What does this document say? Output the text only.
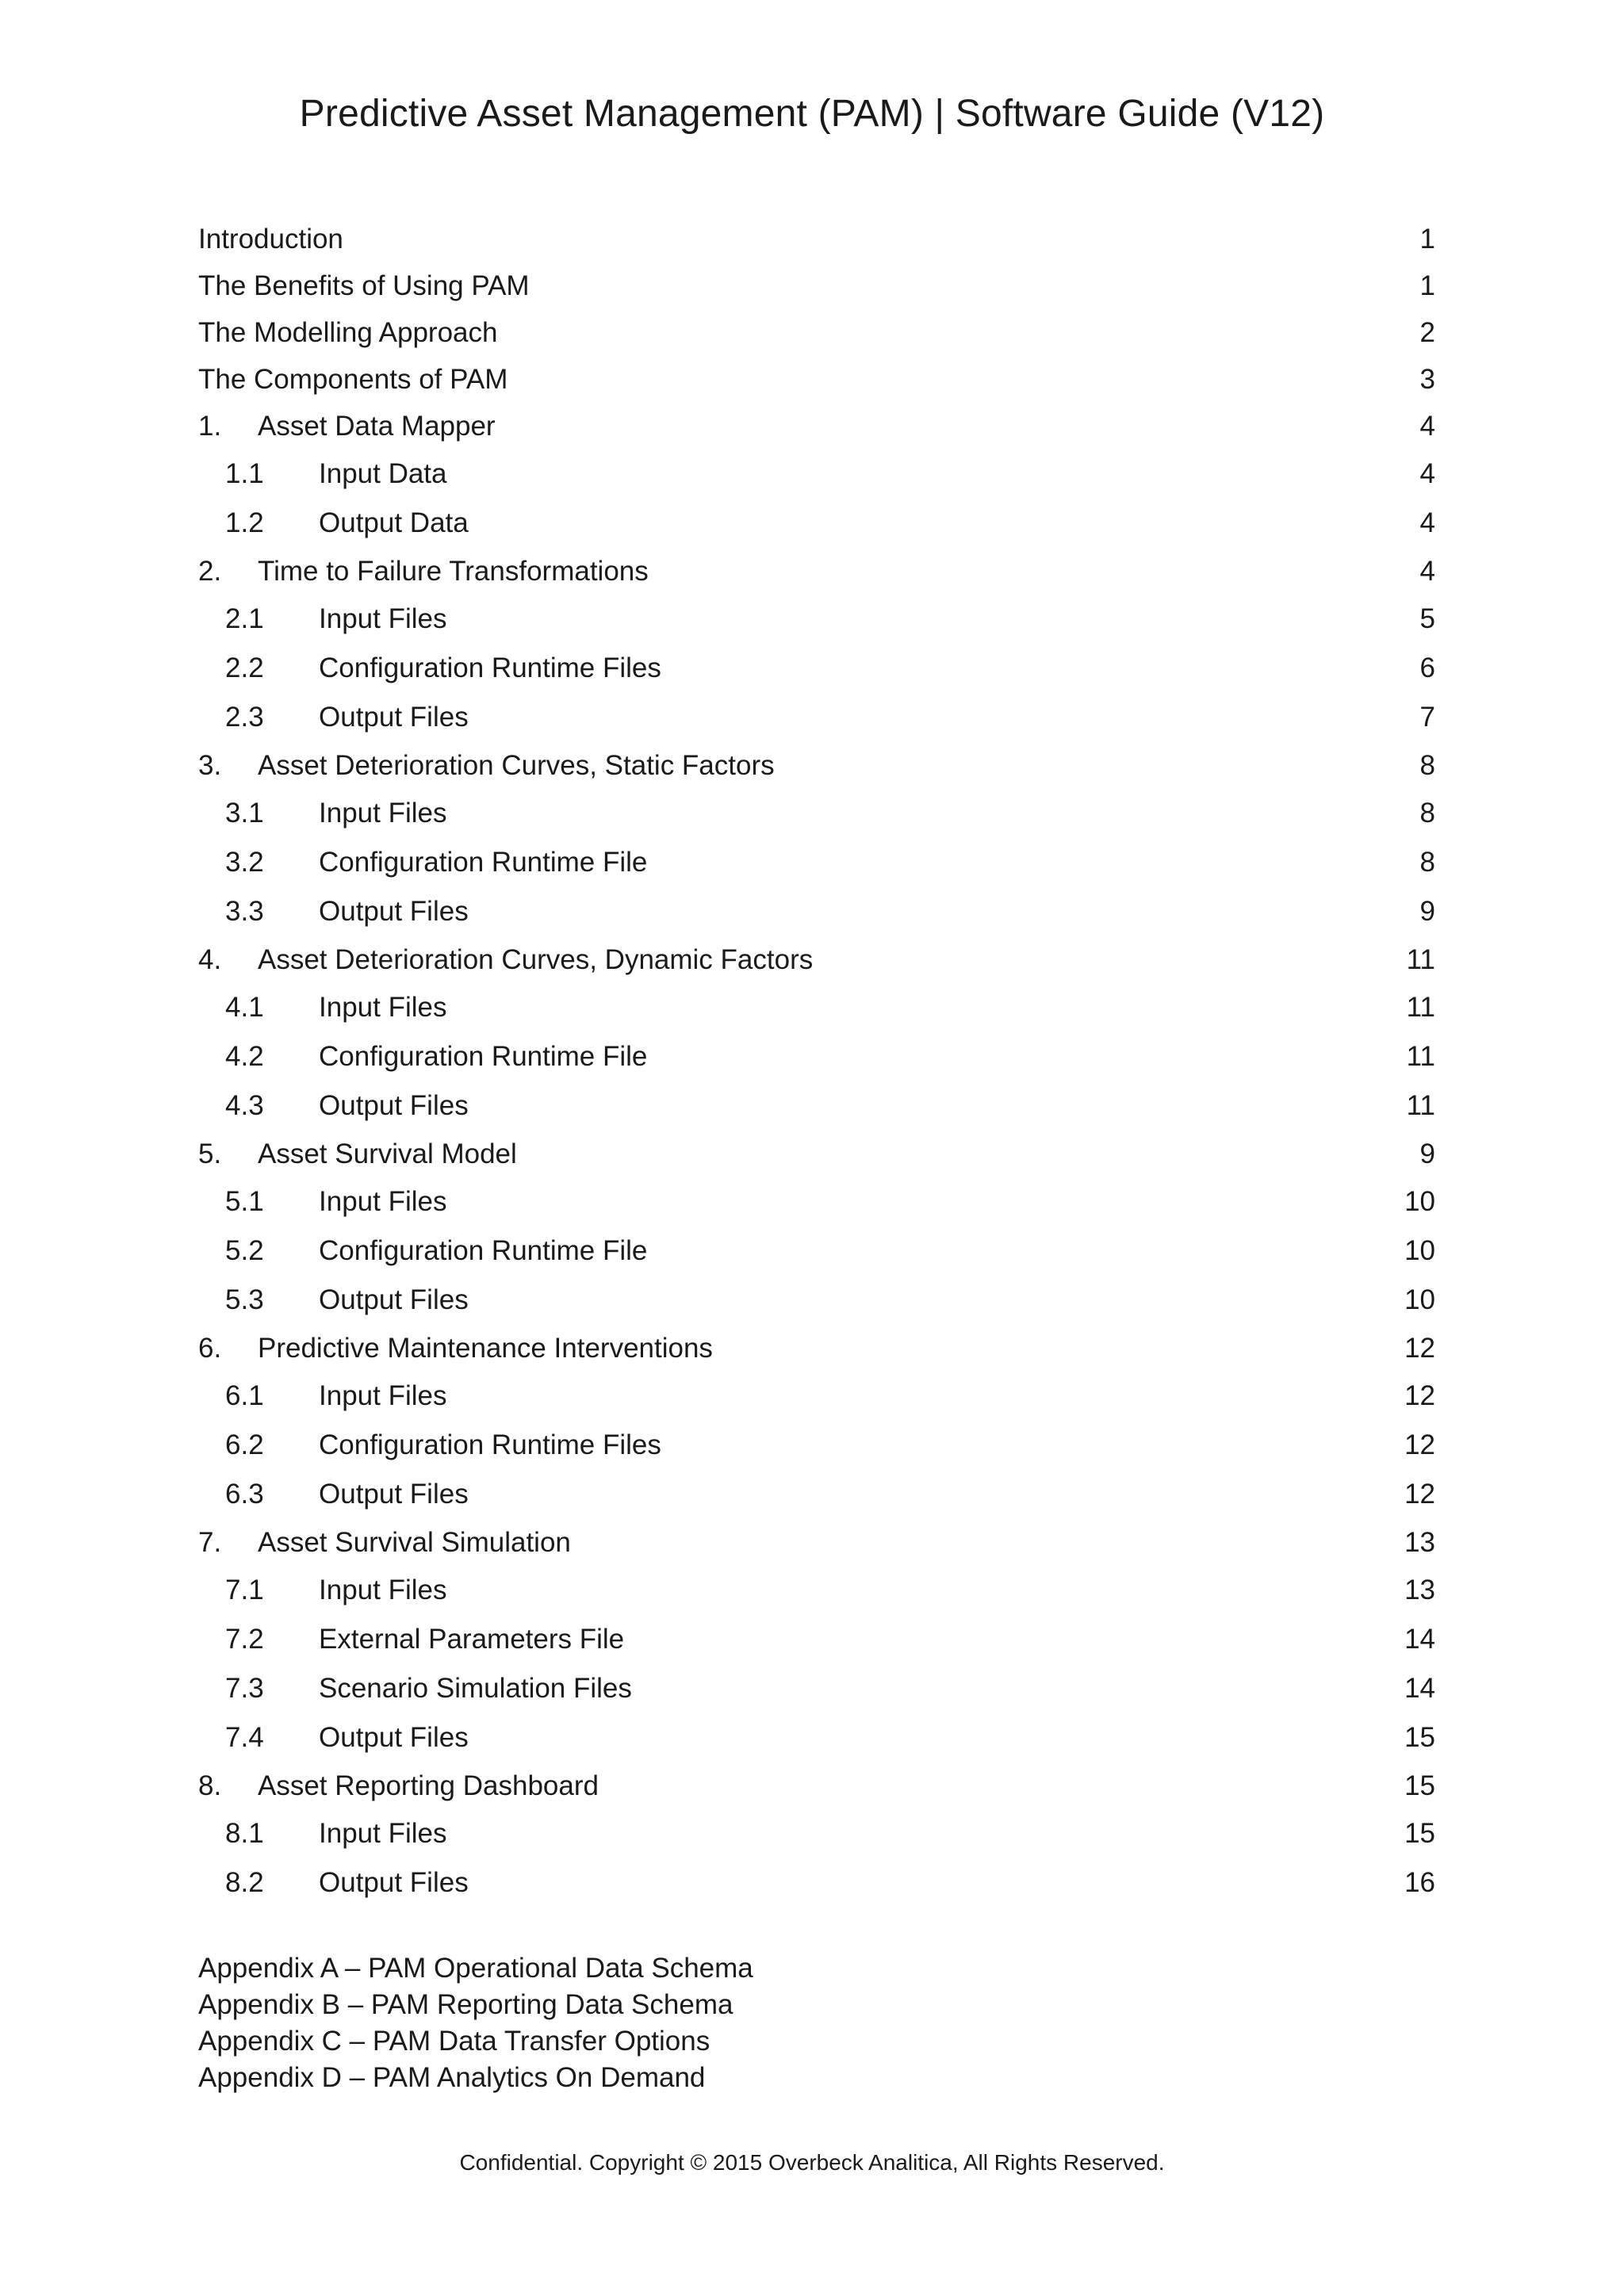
Predictive Asset Management (PAM) | Software Guide (V12)
Introduction	1
The Benefits of Using PAM	1
The Modelling Approach	2
The Components of PAM	3
1. Asset Data Mapper	4
1.1 Input Data	4
1.2 Output Data	4
2. Time to Failure Transformations	4
2.1 Input Files	5
2.2 Configuration Runtime Files	6
2.3 Output Files	7
3. Asset Deterioration Curves, Static Factors	8
3.1 Input Files	8
3.2 Configuration Runtime File	8
3.3 Output Files	9
4. Asset Deterioration Curves, Dynamic Factors	11
4.1 Input Files	11
4.2 Configuration Runtime File	11
4.3 Output Files	11
5. Asset Survival Model	9
5.1 Input Files	10
5.2 Configuration Runtime File	10
5.3 Output Files	10
6. Predictive Maintenance Interventions	12
6.1 Input Files	12
6.2 Configuration Runtime Files	12
6.3 Output Files	12
7. Asset Survival Simulation	13
7.1 Input Files	13
7.2 External Parameters File	14
7.3 Scenario Simulation Files	14
7.4 Output Files	15
8. Asset Reporting Dashboard	15
8.1 Input Files	15
8.2 Output Files	16
Appendix A – PAM Operational Data Schema
Appendix B – PAM Reporting Data Schema
Appendix C – PAM Data Transfer Options
Appendix D – PAM Analytics On Demand
Confidential. Copyright © 2015 Overbeck Analitica, All Rights Reserved.
